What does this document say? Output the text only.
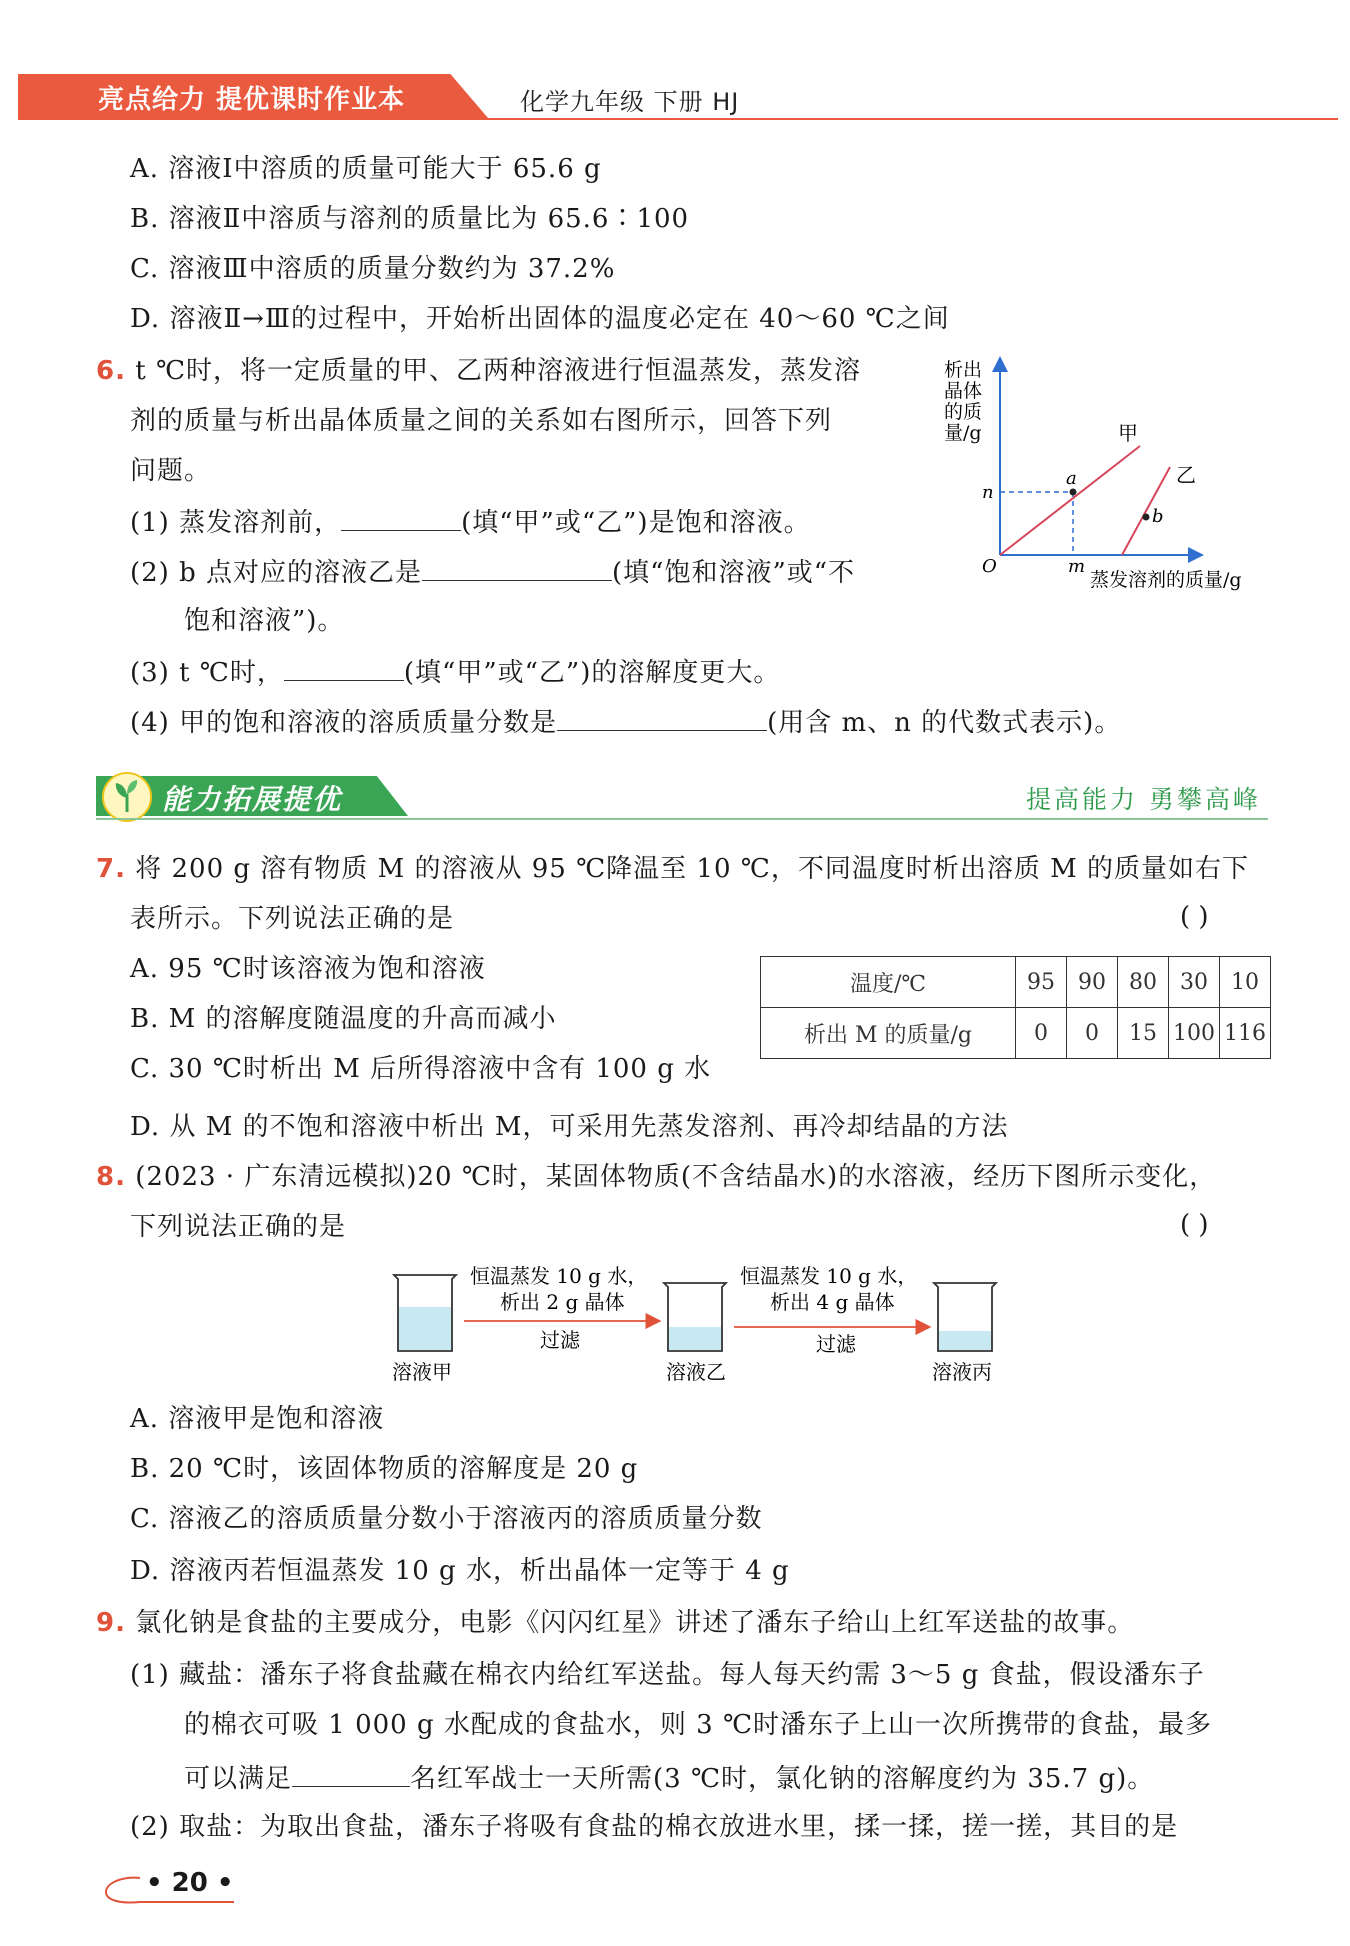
亮点给力 提优课时作业本	化学九年级 下册 HJ
A. 溶液Ⅰ中溶质的质量可能大于 65.6 g
B. 溶液Ⅱ中溶质与溶剂的质量比为 65.6∶100
C. 溶液Ⅲ中溶质的质量分数约为 37.2%
D. 溶液Ⅱ→Ⅲ的过程中，开始析出固体的温度必定在 40～60 ℃之间
6. t ℃时，将一定质量的甲、乙两种溶液进行恒温蒸发，蒸发溶
剂的质量与析出晶体质量之间的关系如右图所示，回答下列
问题。
(1) 蒸发溶剂前，	(填“甲”或“乙”)是饱和溶液。
(2) b 点对应的溶液乙是	(填“饱和溶液”或“不
饱和溶液”)。
(3) t ℃时，	(填“甲”或“乙”)的溶解度更大。
(4) 甲的饱和溶液的溶质质量分数是	(用含 m、n 的代数式表示)。
析出
晶体
的质
量/g	甲
乙
n
a
b
O	m
蒸发溶剂的质量/g
能力拓展提优	提高能力 勇攀高峰
7. 将 200 g 溶有物质 M 的溶液从 95 ℃降温至 10 ℃，不同温度时析出溶质 M 的质量如右下
表所示。下列说法正确的是	( )
A. 95 ℃时该溶液为饱和溶液
B. M 的溶解度随温度的升高而减小
C. 30 ℃时析出 M 后所得溶液中含有 100 g 水
D. 从 M 的不饱和溶液中析出 M，可采用先蒸发溶剂、再冷却结晶的方法
温度/℃	95	90	80	30	10
析出 M 的质量/g	0	0	15	100	116
8. (2023 · 广东清远模拟)20 ℃时，某固体物质(不含结晶水)的水溶液，经历下图所示变化，
下列说法正确的是	( )
恒温蒸发 10 g 水，
析出 2 g 晶体
过滤
恒温蒸发 10 g 水，
析出 4 g 晶体
过滤
溶液甲	溶液乙	溶液丙
A. 溶液甲是饱和溶液
B. 20 ℃时，该固体物质的溶解度是 20 g
C. 溶液乙的溶质质量分数小于溶液丙的溶质质量分数
D. 溶液丙若恒温蒸发 10 g 水，析出晶体一定等于 4 g
9. 氯化钠是食盐的主要成分，电影《闪闪红星》讲述了潘东子给山上红军送盐的故事。
(1) 藏盐：潘东子将食盐藏在棉衣内给红军送盐。每人每天约需 3～5 g 食盐，假设潘东子
的棉衣可吸 1 000 g 水配成的食盐水，则 3 ℃时潘东子上山一次所携带的食盐，最多
可以满足	名红军战士一天所需(3 ℃时，氯化钠的溶解度约为 35.7 g)。
(2) 取盐：为取出食盐，潘东子将吸有食盐的棉衣放进水里，揉一揉，搓一搓，其目的是
• 20 •
